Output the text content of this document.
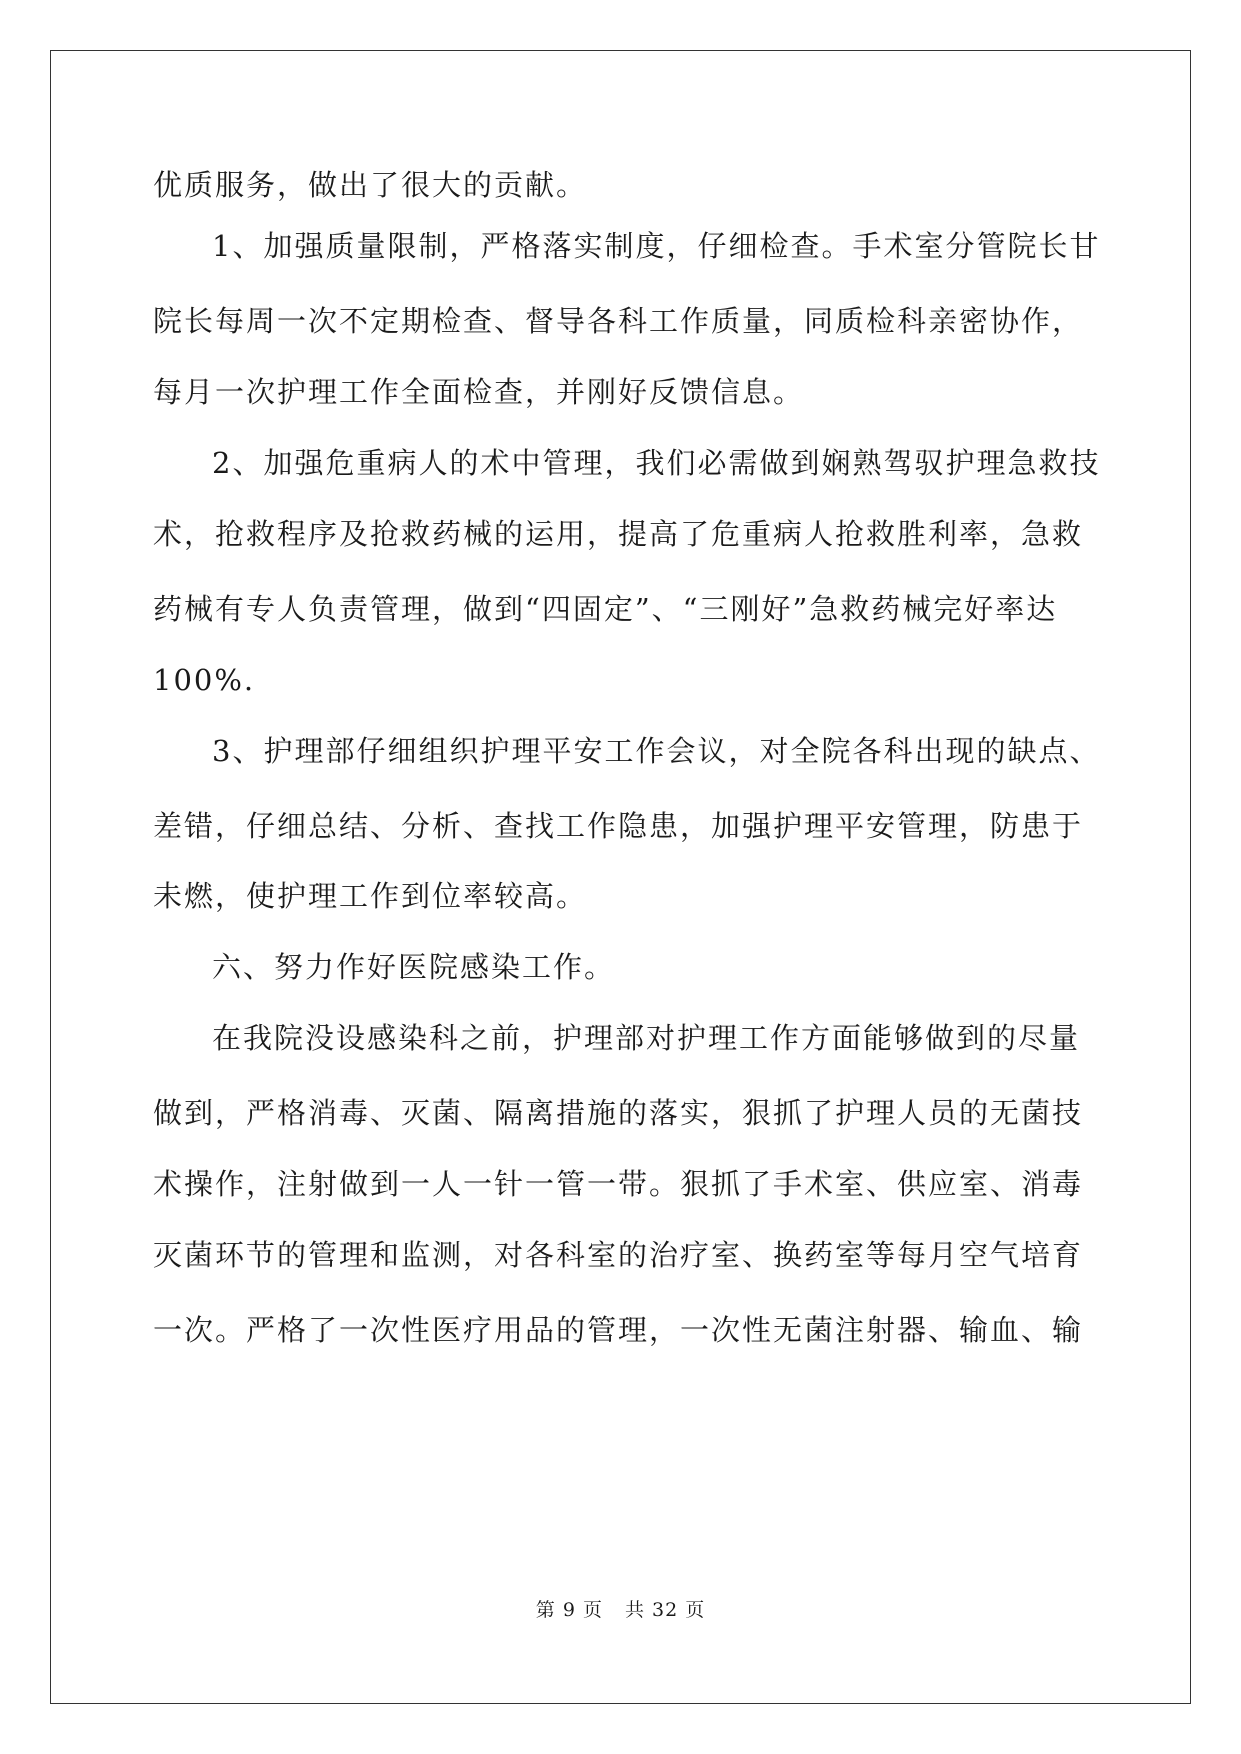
优质服务，做出了很大的贡献。
1、加强质量限制，严格落实制度，仔细检查。手术室分管院长甘
院长每周一次不定期检查、督导各科工作质量，同质检科亲密协作，
每月一次护理工作全面检查，并刚好反馈信息。
2、加强危重病人的术中管理，我们必需做到娴熟驾驭护理急救技
术，抢救程序及抢救药械的运用，提高了危重病人抢救胜利率，急救
药械有专人负责管理，做到“四固定”、“三刚好”急救药械完好率达
100%.
3、护理部仔细组织护理平安工作会议，对全院各科出现的缺点、
差错，仔细总结、分析、查找工作隐患，加强护理平安管理，防患于
未燃，使护理工作到位率较高。
六、努力作好医院感染工作。
在我院没设感染科之前，护理部对护理工作方面能够做到的尽量
做到，严格消毒、灭菌、隔离措施的落实，狠抓了护理人员的无菌技
术操作，注射做到一人一针一管一带。狠抓了手术室、供应室、消毒
灭菌环节的管理和监测，对各科室的治疗室、换药室等每月空气培育
一次。严格了一次性医疗用品的管理，一次性无菌注射器、输血、输
第 9 页 共 32 页
